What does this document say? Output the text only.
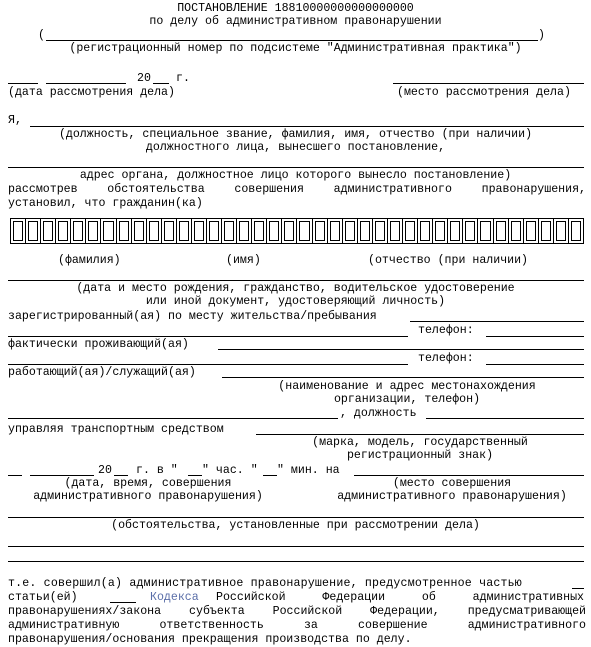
ПОСТАНОВЛЕНИЕ 18810000000000000000
по делу об административном правонарушении
(	)
(регистрационный номер по подсистеме "Административная практика")
20 г.
(дата рассмотрения дела)	(место рассмотрения дела)
Я,
(должность, специальное звание, фамилия, имя, отчество (при наличии)
должностного лица, вынесшего постановление,
адрес органа, должностное лицо которого вынесло постановление)
рассмотрев обстоятельства совершения административного правонарушения,
установил, что гражданин(ка)
(фамилия)	(имя)	(отчество (при наличии)
(дата и место рождения, гражданство, водительское удостоверение
или иной документ, удостоверяющий личность)
зарегистрированный(ая) по месту жительства/пребывания
телефон:
фактически проживающий(ая)
телефон:
работающий(ая)/служащий(ая)
(наименование и адрес местонахождения
организации, телефон)
, должность
управляя транспортным средством
(марка, модель, государственный
регистрационный знак)
20 г. в " " час. " " мин. на
(дата, время, совершения
административного правонарушения)
(место совершения
административного правонарушения)
(обстоятельства, установленные при рассмотрении дела)
т.е. совершил(а) административное правонарушение, предусмотренное частью
статьи(ей)	Кодекса Российской Федерации об административных
правонарушениях/закона субъекта Российской Федерации, предусматривающей
административную ответственность за совершение административного
правонарушения/основания прекращения производства по делу.
